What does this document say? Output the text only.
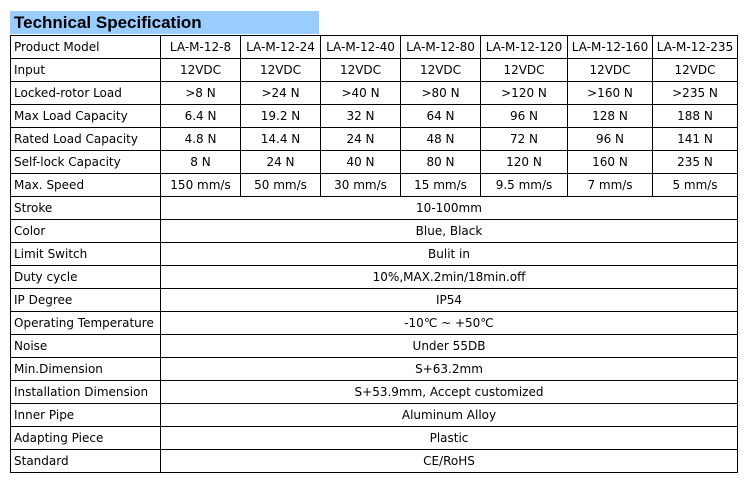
Technical Specification
Product Model	LA-M-12-8	LA-M-12-24	LA-M-12-40	LA-M-12-80	LA-M-12-120	LA-M-12-160	LA-M-12-235
Input	12VDC	12VDC	12VDC	12VDC	12VDC	12VDC	12VDC
Locked-rotor Load	>8 N	>24 N	>40 N	>80 N	>120 N	>160 N	>235 N
Max Load Capacity	6.4 N	19.2 N	32 N	64 N	96 N	128 N	188 N
Rated Load Capacity	4.8 N	14.4 N	24 N	48 N	72 N	96 N	141 N
Self-lock Capacity	8 N	24 N	40 N	80 N	120 N	160 N	235 N
Max. Speed	150 mm/s	50 mm/s	30 mm/s	15 mm/s	9.5 mm/s	7 mm/s	5 mm/s
Stroke	10-100mm						
Color	Blue, Black						
Limit Switch	Bulit in						
Duty cycle	10%,MAX.2min/18min.off						
IP Degree	IP54						
Operating Temperature	-10℃ ~ +50℃						
Noise	Under 55DB						
Min.Dimension	S+63.2mm						
Installation Dimension	S+53.9mm, Accept customized						
Inner Pipe	Aluminum Alloy						
Adapting Piece	Plastic						
Standard	CE/RoHS						
